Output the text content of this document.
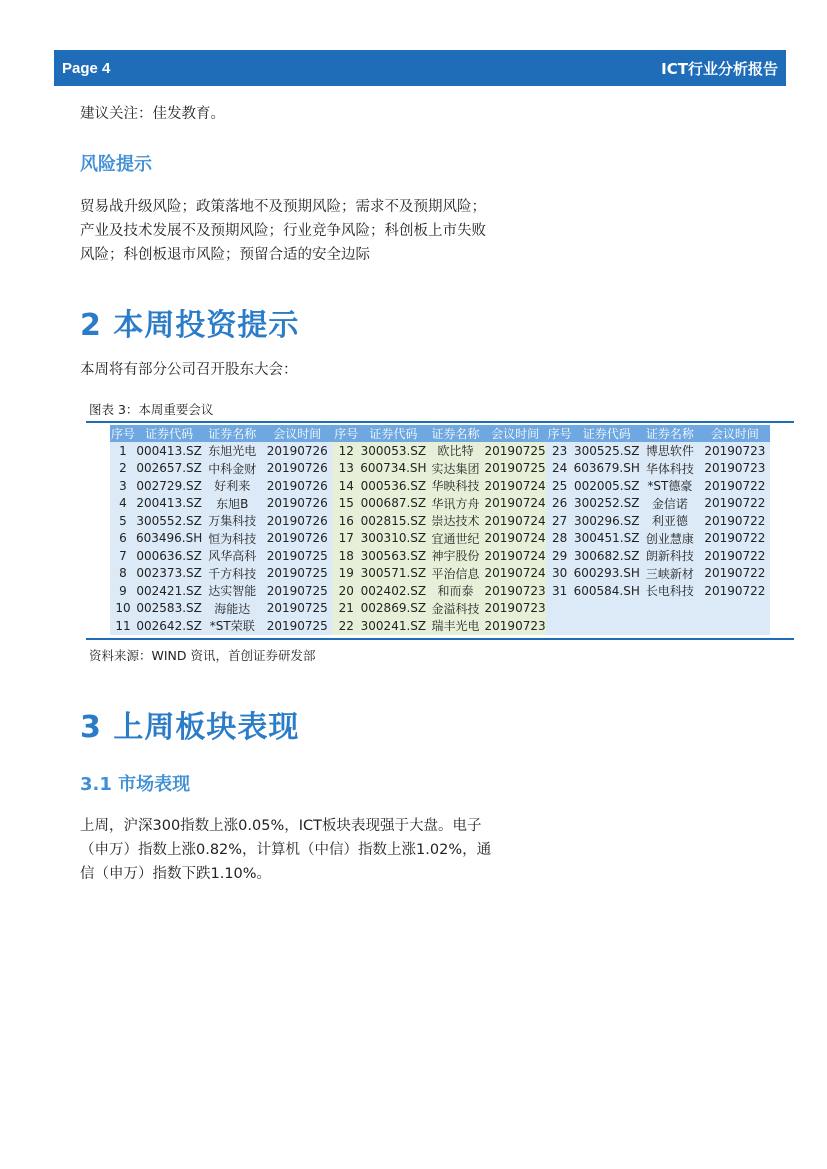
Page 4	ICT行业分析报告
建议关注：佳发教育。
风险提示
贸易战升级风险；政策落地不及预期风险；需求不及预期风险；
产业及技术发展不及预期风险；行业竞争风险；科创板上市失败
风险；科创板退市风险；预留合适的安全边际
2 本周投资提示
本周将有部分公司召开股东大会：
图表 3：本周重要会议
序号	证券代码	证券名称	会议时间	序号	证券代码	证券名称	会议时间	序号	证券代码	证券名称	会议时间
1	000413.SZ	东旭光电	20190726	12	300053.SZ	欧比特	20190725	23	300525.SZ	博思软件	20190723
2	002657.SZ	中科金财	20190726	13	600734.SH	实达集团	20190725	24	603679.SH	华体科技	20190723
3	002729.SZ	好利来	20190726	14	000536.SZ	华映科技	20190724	25	002005.SZ	*ST德豪	20190722
4	200413.SZ	东旭B	20190726	15	000687.SZ	华讯方舟	20190724	26	300252.SZ	金信诺	20190722
5	300552.SZ	万集科技	20190726	16	002815.SZ	崇达技术	20190724	27	300296.SZ	利亚德	20190722
6	603496.SH	恒为科技	20190726	17	300310.SZ	宜通世纪	20190724	28	300451.SZ	创业慧康	20190722
7	000636.SZ	风华高科	20190725	18	300563.SZ	神宇股份	20190724	29	300682.SZ	朗新科技	20190722
8	002373.SZ	千方科技	20190725	19	300571.SZ	平治信息	20190724	30	600293.SH	三峡新材	20190722
9	002421.SZ	达实智能	20190725	20	002402.SZ	和而泰	20190723	31	600584.SH	长电科技	20190722
10	002583.SZ	海能达	20190725	21	002869.SZ	金溢科技	20190723				
11	002642.SZ	*ST荣联	20190725	22	300241.SZ	瑞丰光电	20190723				
资料来源：WIND 资讯，首创证券研发部
3 上周板块表现
3.1 市场表现
上周，沪深300指数上涨0.05%，ICT板块表现强于大盘。电子
（申万）指数上涨0.82%，计算机（中信）指数上涨1.02%，通
信（申万）指数下跌1.10%。
